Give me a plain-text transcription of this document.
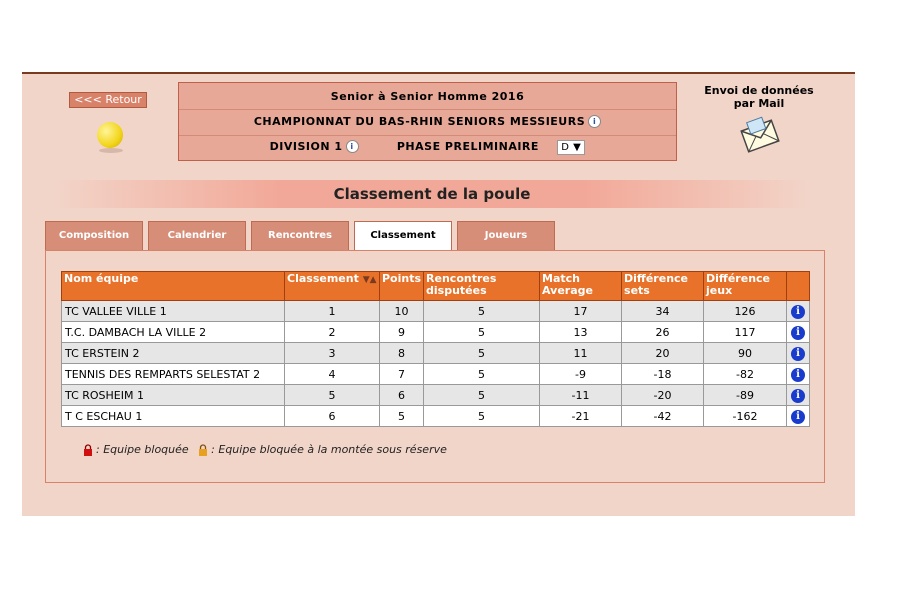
<<< Retour	Senior à Senior Homme 2016
CHAMPIONNAT DU BAS-RHIN SENIORS MESSIEURS i
DIVISION 1 i	PHASE PRELIMINAIRE D ▼
Envoi de données par Mail
Classement de la poule
Composition	Calendrier	Rencontres	Classement	Joueurs
Nom équipe	Classement ▼▲	Points	Rencontres disputées	Match Average	Différence sets	Différence jeux	
TC VALLEE VILLE 1	1	10	5	17	34	126	i
T.C. DAMBACH LA VILLE 2	2	9	5	13	26	117	i
TC ERSTEIN 2	3	8	5	11	20	90	i
TENNIS DES REMPARTS SELESTAT 2	4	7	5	-9	-18	-82	i
TC ROSHEIM 1	5	6	5	-11	-20	-89	i
T C ESCHAU 1	6	5	5	-21	-42	-162	i
: Equipe bloquée : Equipe bloquée à la montée sous réserve
